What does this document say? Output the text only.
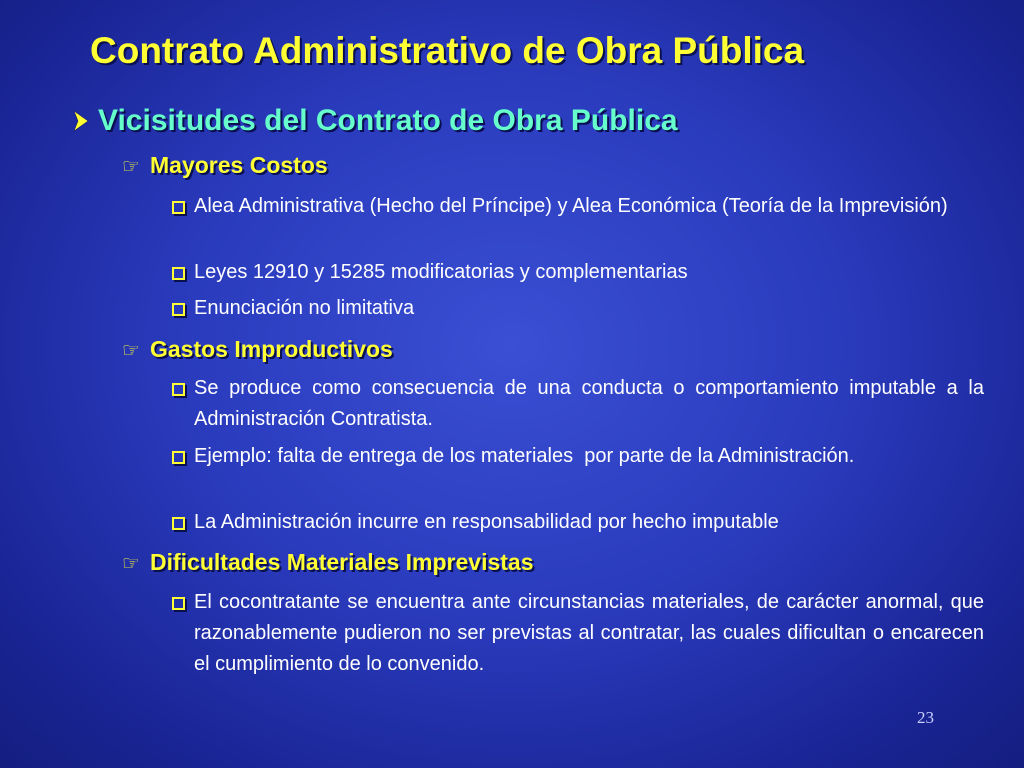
Contrato Administrativo de Obra Pública
Vicisitudes del Contrato de Obra Pública
☞ Mayores Costos
Alea Administrativa (Hecho del Príncipe) y Alea Económica (Teoría de la Imprevisión)
Leyes 12910 y 15285 modificatorias y complementarias
Enunciación no limitativa
☞ Gastos Improductivos
Se produce como consecuencia de una conducta o comportamiento imputable a la Administración Contratista.
Ejemplo: falta de entrega de los materiales  por parte de la Administración.
La Administración incurre en responsabilidad por hecho imputable
☞ Dificultades Materiales Imprevistas
El cocontratante se encuentra ante circunstancias materiales, de carácter anormal, que razonablemente pudieron no ser previstas al contratar, las cuales dificultan o encarecen el cumplimiento de lo convenido.
23
